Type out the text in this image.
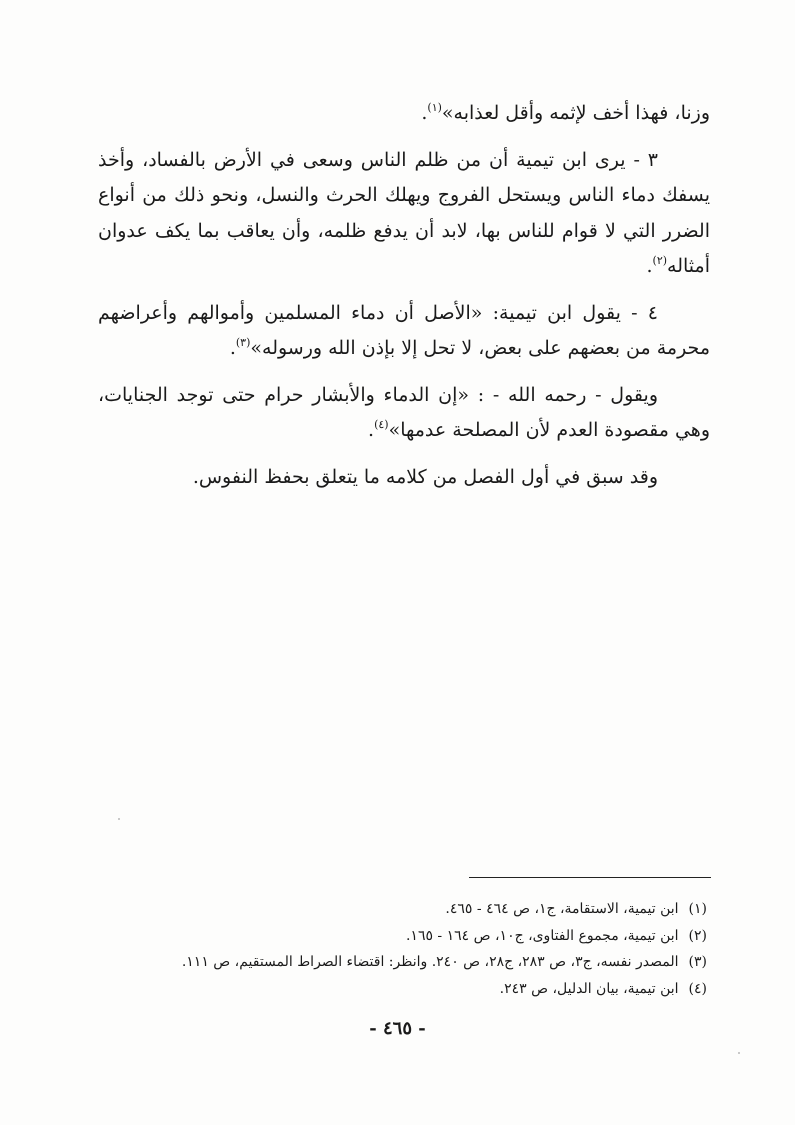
وزنا، فهذا أخف لإثمه وأقل لعذابه»$^{(١)}$.

٣ - يرى ابن تيمية أن من ظلم الناس وسعى في الأرض بالفساد، وأخذ يسفك دماء الناس ويستحل الفروج ويهلك الحرث والنسل، ونحو ذلك من أنواع الضرر التي لا قوام للناس بها، لابد أن يدفع ظلمه، وأن يعاقب بما يكف عدوان أمثاله$^{(٢)}$.

٤ - يقول ابن تيمية: «الأصل أن دماء المسلمين وأموالهم وأعراضهم محرمة من بعضهم على بعض، لا تحل إلا بإذن الله ورسوله»$^{(٣)}$.

ويقول - رحمه الله - : «إن الدماء والأبشار حرام حتى توجد الجنايات، وهي مقصودة العدم لأن المصلحة عدمها»$^{(٤)}$.

وقد سبق في أول الفصل من كلامه ما يتعلق بحفظ النفوس.

(١)ابن تيمية، الاستقامة، ج١، ص ٤٦٤ - ٤٦٥.
(٢)ابن تيمية، مجموع الفتاوى، ج١٠، ص ١٦٤ - ١٦٥.
(٣)المصدر نفسه، ج٣، ص ٢٨٣، ج٢٨، ص ٢٤٠. وانظر: اقتضاء الصراط المستقيم، ص ١١١.
(٤)ابن تيمية، بيان الدليل، ص ٢٤٣.
- ٤٦٥ -
